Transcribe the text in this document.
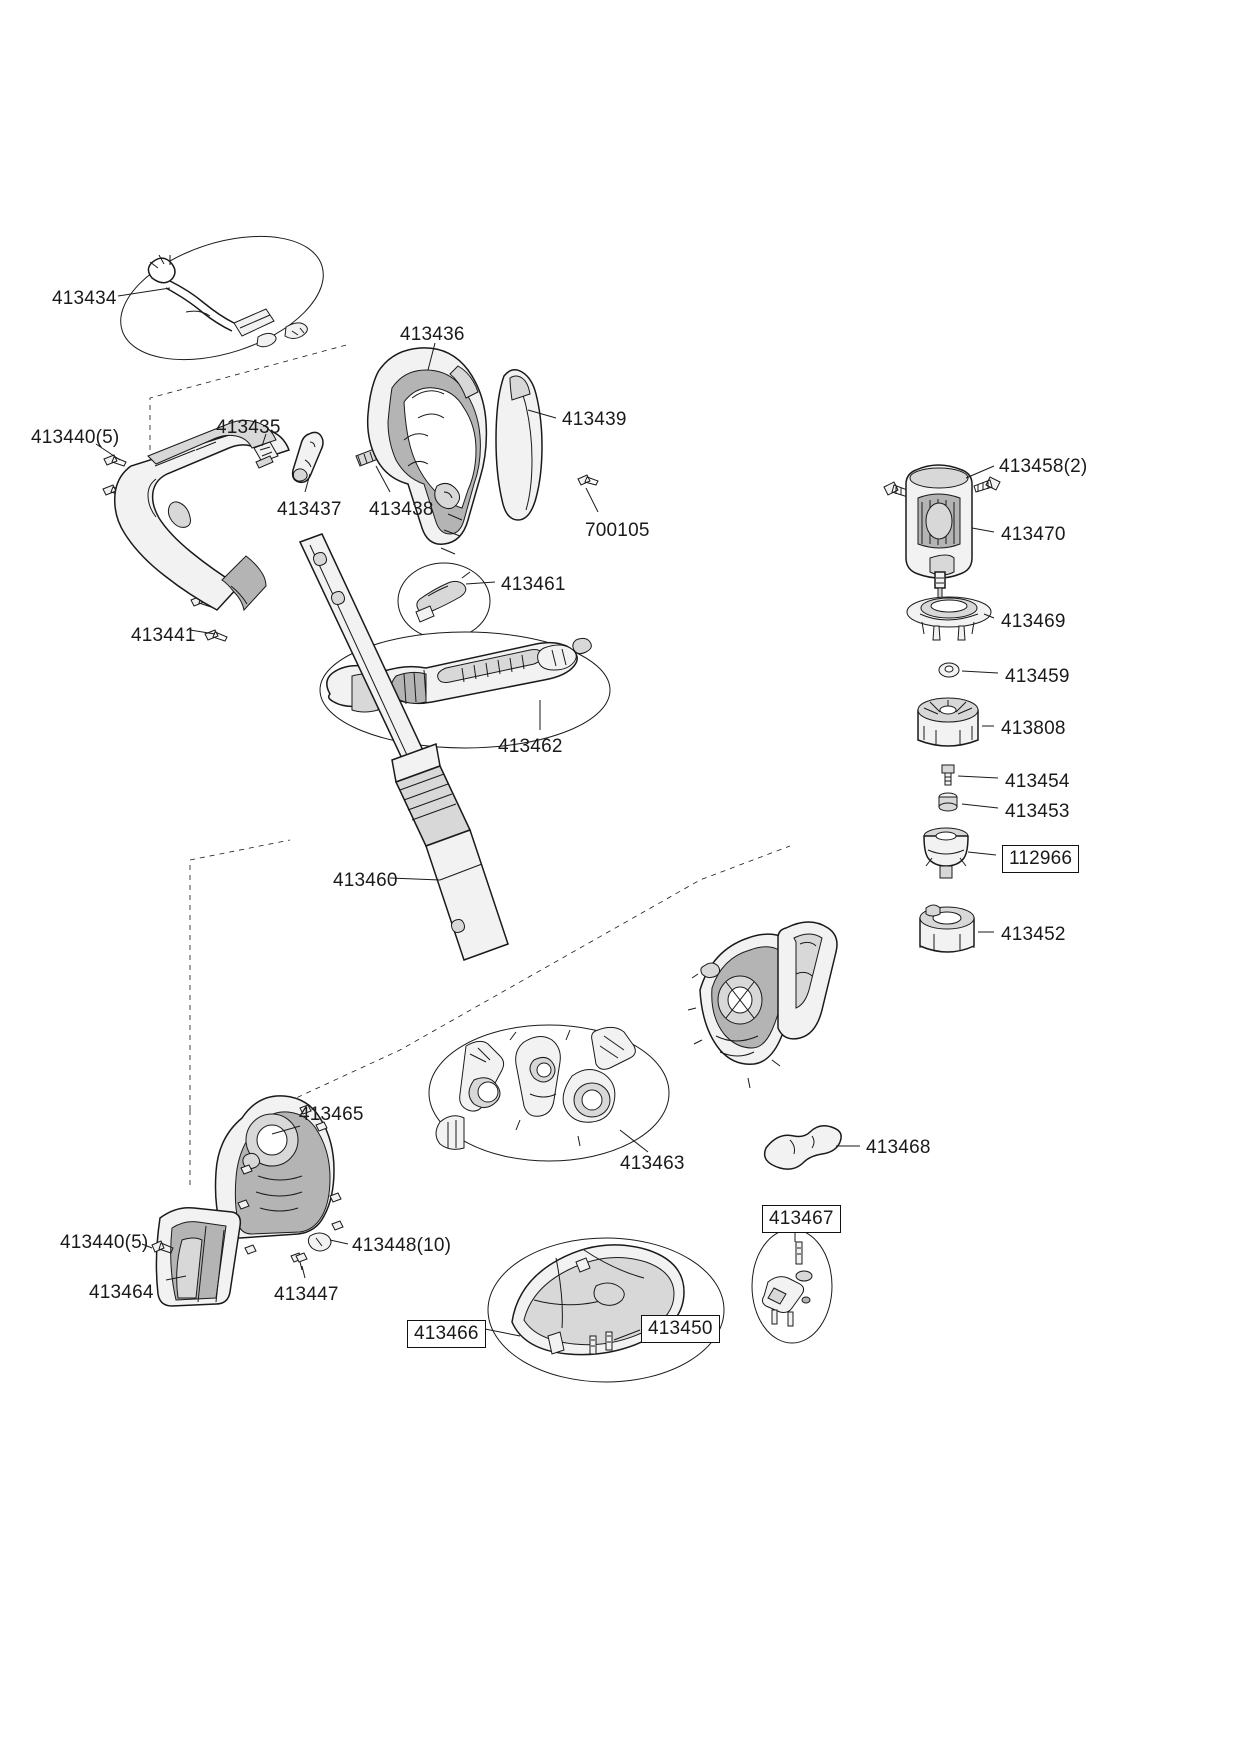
413434
413436
413439
413435
413440(5)
413437 413438
700105
413458(2)
413470
413441
413461
413469
413459
413808
413462
413454
413453
112966
413452
413460
413465
413463
413468
413467
413440(5)	413448(10)
413447
413464
413466	413450
